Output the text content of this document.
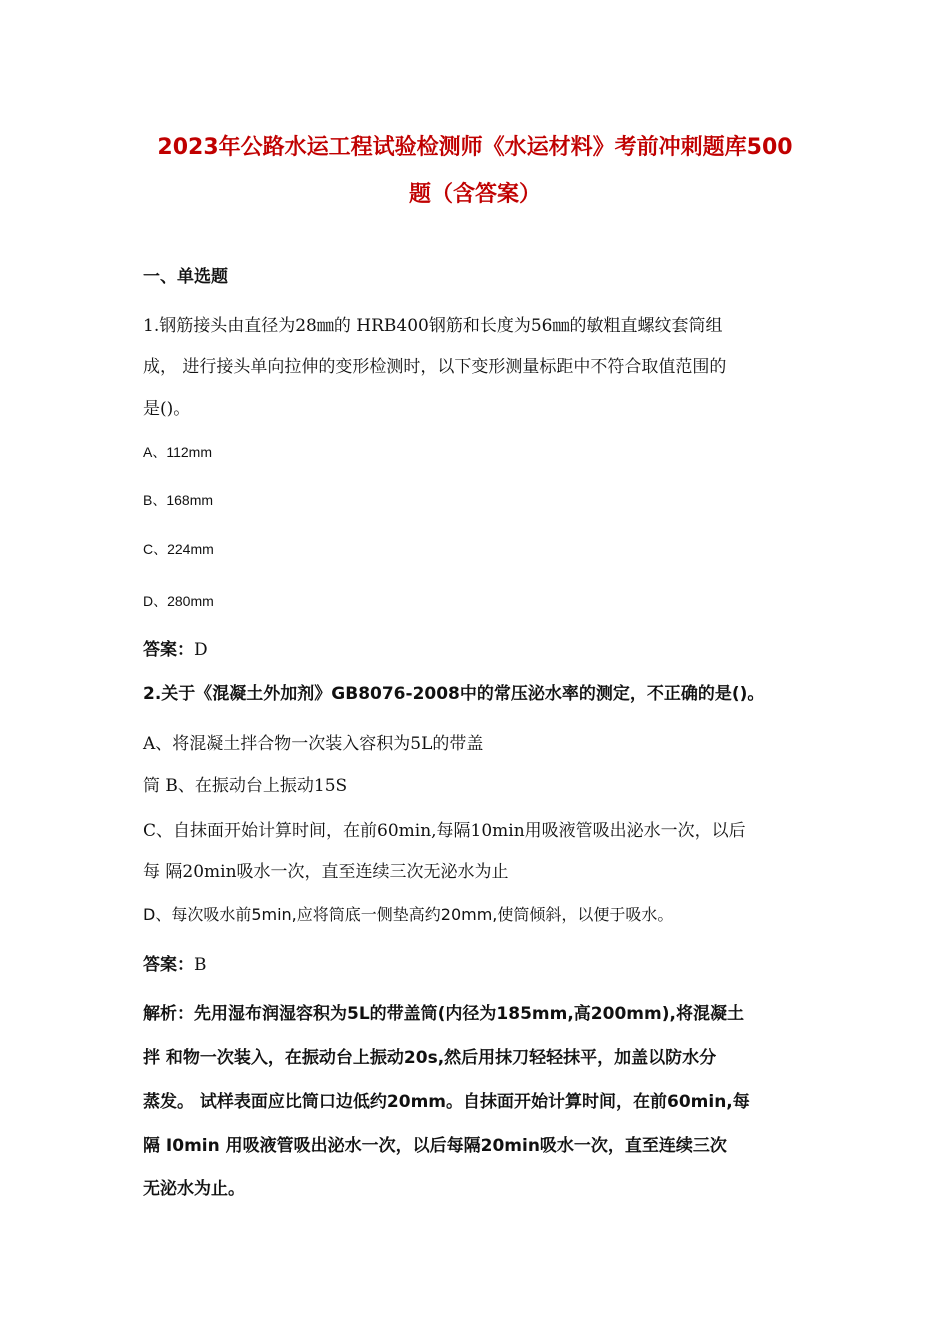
2023年公路水运工程试验检测师《水运材料》考前冲刺题库500
题（含答案）
一、单选题
1.钢筋接头由直径为28㎜的 HRB400钢筋和长度为56㎜的敏粗直螺纹套筒组
成， 进行接头单向拉伸的变形检测时，以下变形测量标距中不符合取值范围的
是()。
A、112mm
B、168mm
C、224mm
D、280mm
答案：D
2.关于《混凝土外加剂》GB8076-2008中的常压泌水率的测定，不正确的是()。
A、将混凝土拌合物一次装入容积为5L的带盖
筒 B、在振动台上振动15S
C、自抹面开始计算时间，在前60min,每隔10min用吸液管吸出泌水一次，以后
每 隔20min吸水一次，直至连续三次无泌水为止
D、每次吸水前5min,应将筒底一侧垫高约20mm,使筒倾斜，以便于吸水。
答案：B
解析：先用湿布润湿容积为5L的带盖筒(内径为185mm,高200mm),将混凝土
拌 和物一次装入，在振动台上振动20s,然后用抹刀轻轻抹平，加盖以防水分
蒸发。 试样表面应比筒口边低约20mm。自抹面开始计算时间，在前60min,每
隔 I0min 用吸液管吸出泌水一次，以后每隔20min吸水一次，直至连续三次
无泌水为止。
